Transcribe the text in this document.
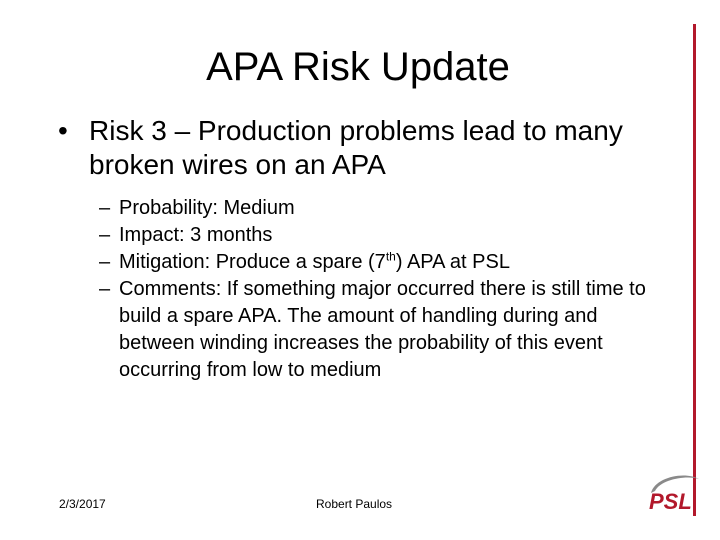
APA Risk Update
• Risk 3 – Production problems lead to many broken wires on an APA
– Probability: Medium
– Impact: 3 months
– Mitigation: Produce a spare (7th) APA at PSL
– Comments: If something major occurred there is still time to build a spare APA. The amount of handling during and between winding increases the probability of this event occurring from low to medium
2/3/2017	Robert Paulos	PSL
